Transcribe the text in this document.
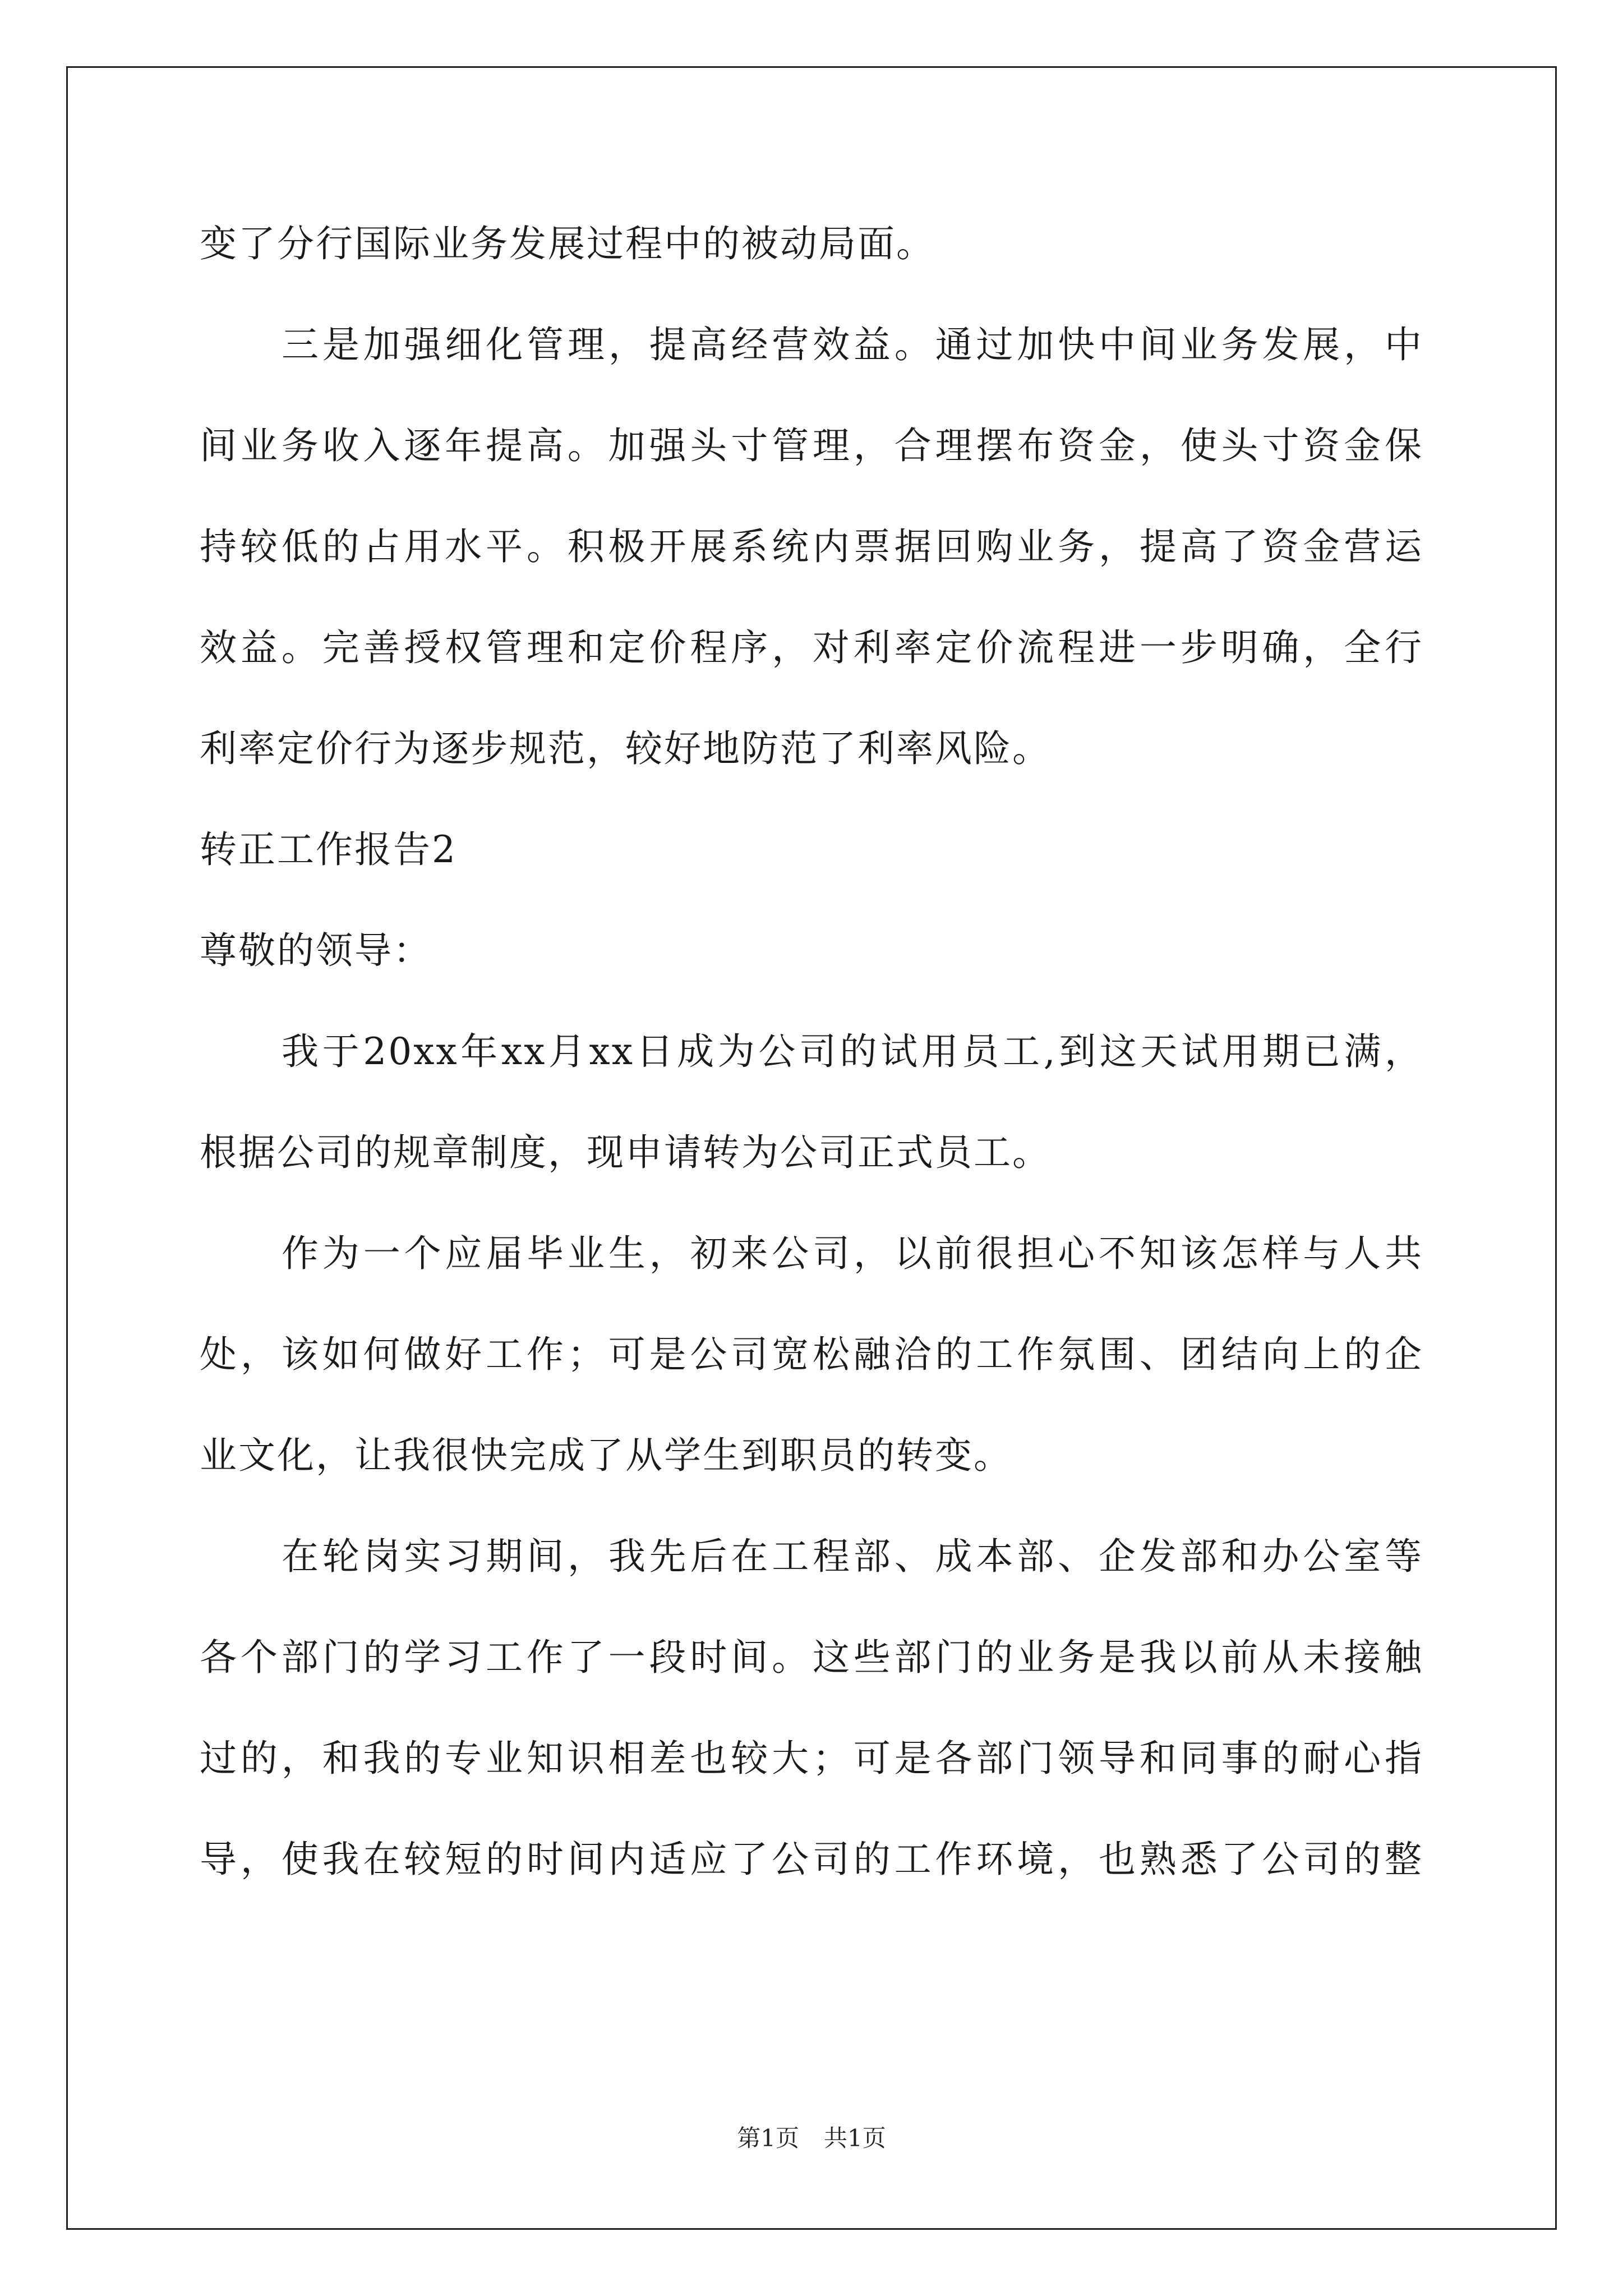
变了分行国际业务发展过程中的被动局面。
三是加强细化管理，提高经营效益。通过加快中间业务发展，中
间业务收入逐年提高。加强头寸管理，合理摆布资金，使头寸资金保
持较低的占用水平。积极开展系统内票据回购业务，提高了资金营运
效益。完善授权管理和定价程序，对利率定价流程进一步明确，全行
利率定价行为逐步规范，较好地防范了利率风险。
转正工作报告2
尊敬的领导：
我于20xx年xx月xx日成为公司的试用员工,到这天试用期已满，
根据公司的规章制度，现申请转为公司正式员工。
作为一个应届毕业生，初来公司，以前很担心不知该怎样与人共
处，该如何做好工作；可是公司宽松融洽的工作氛围、团结向上的企
业文化，让我很快完成了从学生到职员的转变。
在轮岗实习期间，我先后在工程部、成本部、企发部和办公室等
各个部门的学习工作了一段时间。这些部门的业务是我以前从未接触
过的，和我的专业知识相差也较大；可是各部门领导和同事的耐心指
导，使我在较短的时间内适应了公司的工作环境，也熟悉了公司的整
第1页 共1页
